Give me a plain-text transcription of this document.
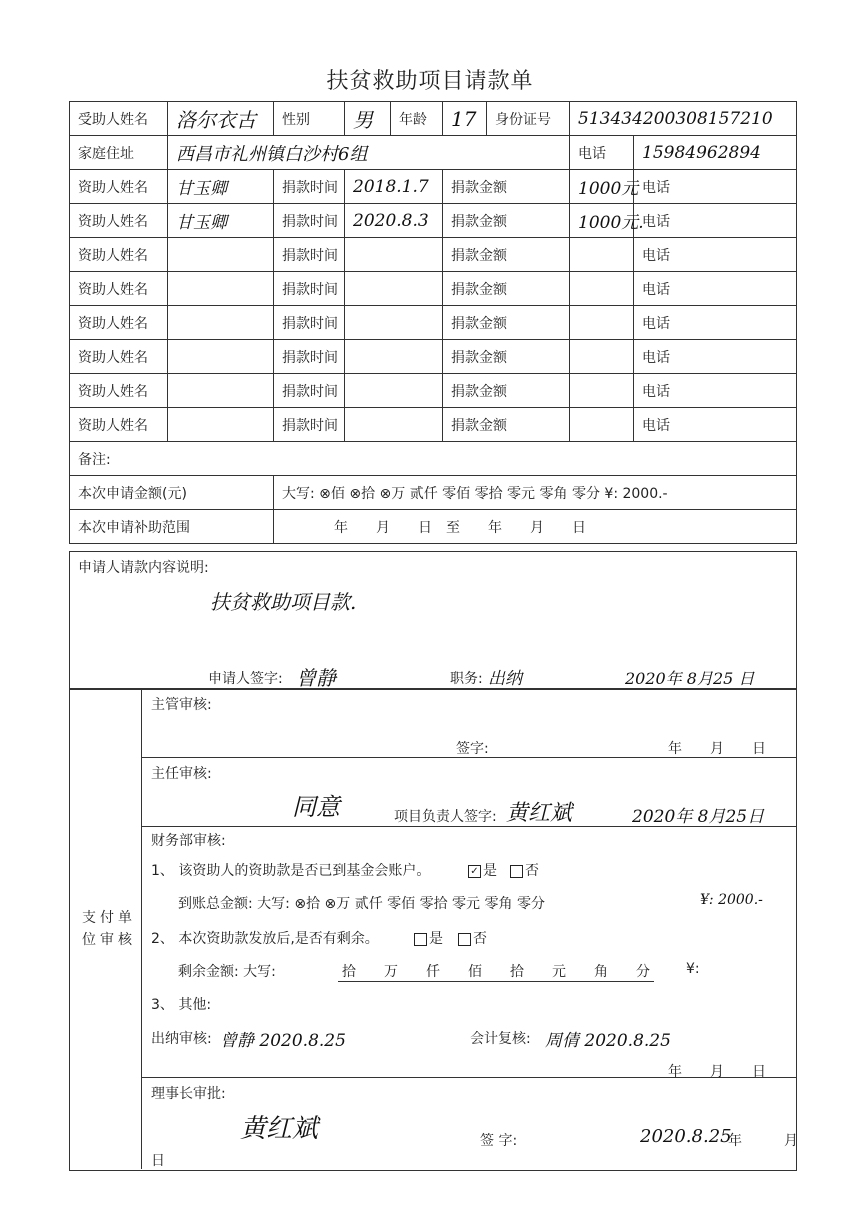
扶贫救助项目请款单
受助人姓名	洛尔衣古	性别	男	年龄	17	身份证号	513434200308157210		
家庭住址	西昌市礼州镇白沙村6组						电话	15984962894	
资助人姓名	甘玉卿	捐款时间	2018.1.7		捐款金额		1000元	电话	
资助人姓名	甘玉卿	捐款时间	2020.8.3		捐款金额		1000元.	电话	
资助人姓名		捐款时间			捐款金额			电话	
资助人姓名		捐款时间			捐款金额			电话	
资助人姓名		捐款时间			捐款金额			电话	
资助人姓名		捐款时间			捐款金额			电话	
资助人姓名		捐款时间			捐款金额			电话	
资助人姓名		捐款时间			捐款金额			电话	
备注:									
本次申请金额(元)		大写: ⊗佰 ⊗拾 ⊗万 贰仟 零佰 零拾 零元 零角 零分 ¥: 2000.-							
本次申请补助范围		年　　月　　日　至　　年　　月　　日							
申请人请款内容说明:
扶贫救助项目款.
申请人签字: 曾静	职务: 出纳	2020年 8月25 日
支付单位审核
主管审核:
签字:	年　　月　　日
主任审核:
同意	项目负责人签字: 黄红斌	2020年 8月25日
财务部审核:
1、 该资助人的资助款是否已到基金会账户。	✓ 是	否
到账总金额: 大写: ⊗拾 ⊗万 贰仟 零佰 零拾 零元 零角 零分	¥: 2000.-
2、 本次资助款发放后,是否有剩余。	是	否
剩余金额: 大写:	拾　　万　　仟　　佰　　拾　　元　　角　　分	¥:
3、 其他:
出纳审核: 曾静 2020.8.25	会计复核: 周倩 2020.8.25
年　　月　　日
理事长审批:
黄红斌	签 字:	2020.8.25
年　　　月
日
